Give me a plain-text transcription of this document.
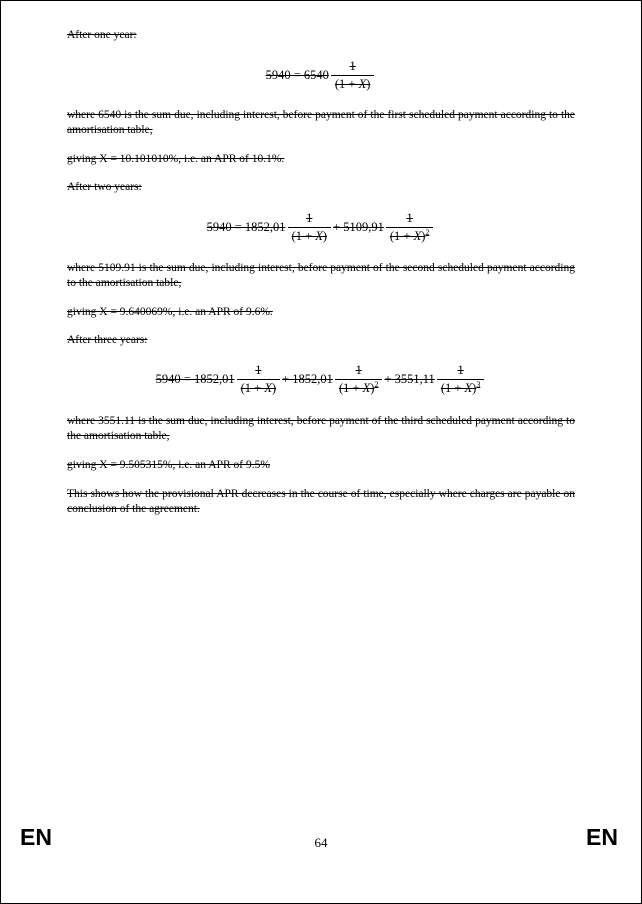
After one year:

$5940 = 6540 \frac{1}{(1 + X)}$

where 6540 is the sum due, including interest, before payment of the first scheduled payment according to the amortisation table,

giving X = 10.101010%, i.e. an APR of 10.1%.

After two years:

$5940 = 1852,01 \frac{1}{(1 + X)} + 5109,91 \frac{1}{(1 + X)^2}$

where 5109.91 is the sum due, including interest, before payment of the second scheduled payment according to the amortisation table,

giving X = 9.640069%, i.e. an APR of 9.6%.

After three years:

$5940 = 1852,01 \frac{1}{(1 + X)} + 1852,01 \frac{1}{(1 + X)^2} + 3551,11 \frac{1}{(1 + X)^3}$

where 3551.11 is the sum due, including interest, before payment of the third scheduled payment according to the amortisation table,

giving X = 9.505315%, i.e. an APR of 9.5%

This shows how the provisional APR decreases in the course of time, especially where charges are payable on conclusion of the agreement.

EN	64	EN
